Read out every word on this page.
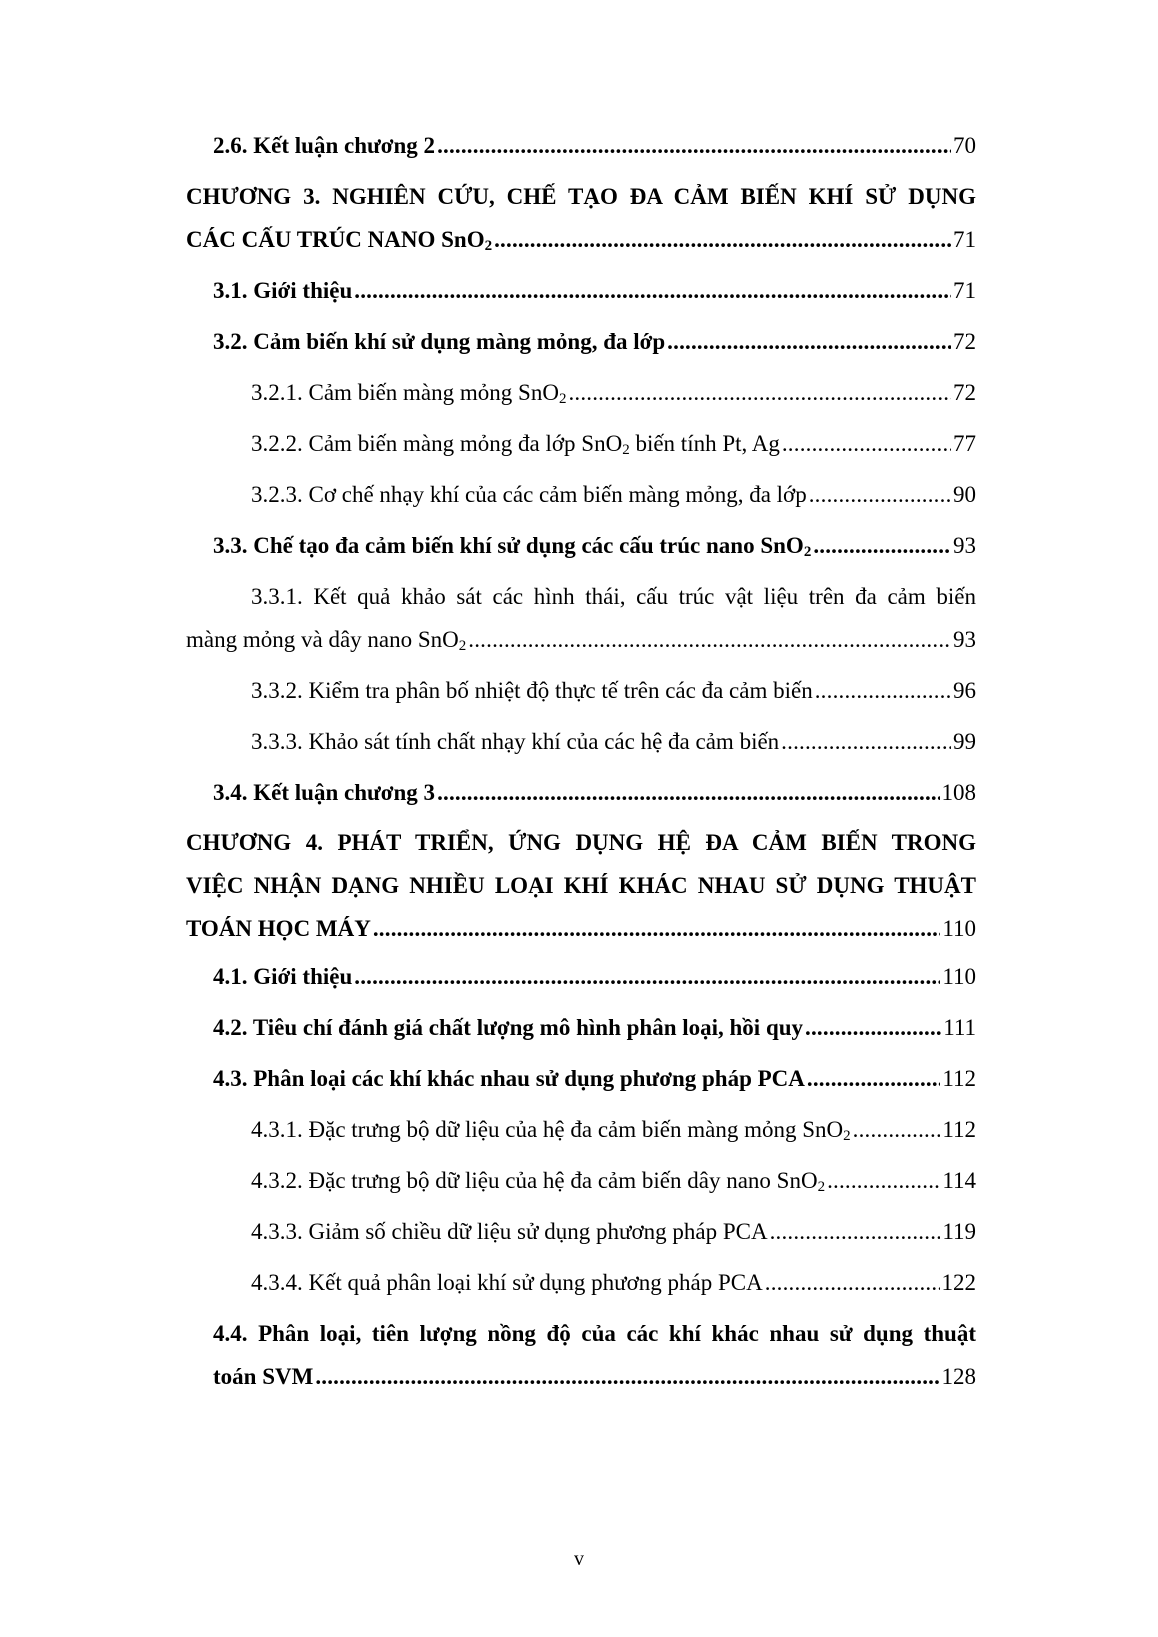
2.6. Kết luận chương 2 .....	70
CHƯƠNG 3. NGHIÊN CỨU, CHẾ TẠO ĐA CẢM BIẾN KHÍ SỬ DỤNG
CÁC CẤU TRÚC NANO SnO$_2$ .....	71
3.1. Giới thiệu .....	71
3.2. Cảm biến khí sử dụng màng mỏng, đa lớp .....	72
3.2.1. Cảm biến màng mỏng SnO$_2$ .....	72
3.2.2. Cảm biến màng mỏng đa lớp SnO$_2$ biến tính Pt, Ag .....	77
3.2.3. Cơ chế nhạy khí của các cảm biến màng mỏng, đa lớp .....	90
3.3. Chế tạo đa cảm biến khí sử dụng các cấu trúc nano SnO$_2$ .....	93
3.3.1. Kết quả khảo sát các hình thái, cấu trúc vật liệu trên đa cảm biến
màng mỏng và dây nano SnO$_2$ .....	93
3.3.2. Kiểm tra phân bố nhiệt độ thực tế trên các đa cảm biến .....	96
3.3.3. Khảo sát tính chất nhạy khí của các hệ đa cảm biến .....	99
3.4. Kết luận chương 3 .....	108
CHƯƠNG 4. PHÁT TRIỂN, ỨNG DỤNG HỆ ĐA CẢM BIẾN TRONG
VIỆC NHẬN DẠNG NHIỀU LOẠI KHÍ KHÁC NHAU SỬ DỤNG THUẬT
TOÁN HỌC MÁY .....	110
4.1. Giới thiệu .....	110
4.2. Tiêu chí đánh giá chất lượng mô hình phân loại, hồi quy .....	111
4.3. Phân loại các khí khác nhau sử dụng phương pháp PCA .....	112
4.3.1. Đặc trưng bộ dữ liệu của hệ đa cảm biến màng mỏng SnO$_2$ .....	112
4.3.2. Đặc trưng bộ dữ liệu của hệ đa cảm biến dây nano SnO$_2$ .....	114
4.3.3. Giảm số chiều dữ liệu sử dụng phương pháp PCA .....	119
4.3.4. Kết quả phân loại khí sử dụng phương pháp PCA .....	122
4.4. Phân loại, tiên lượng nồng độ của các khí khác nhau sử dụng thuật
toán SVM .....	128
v
